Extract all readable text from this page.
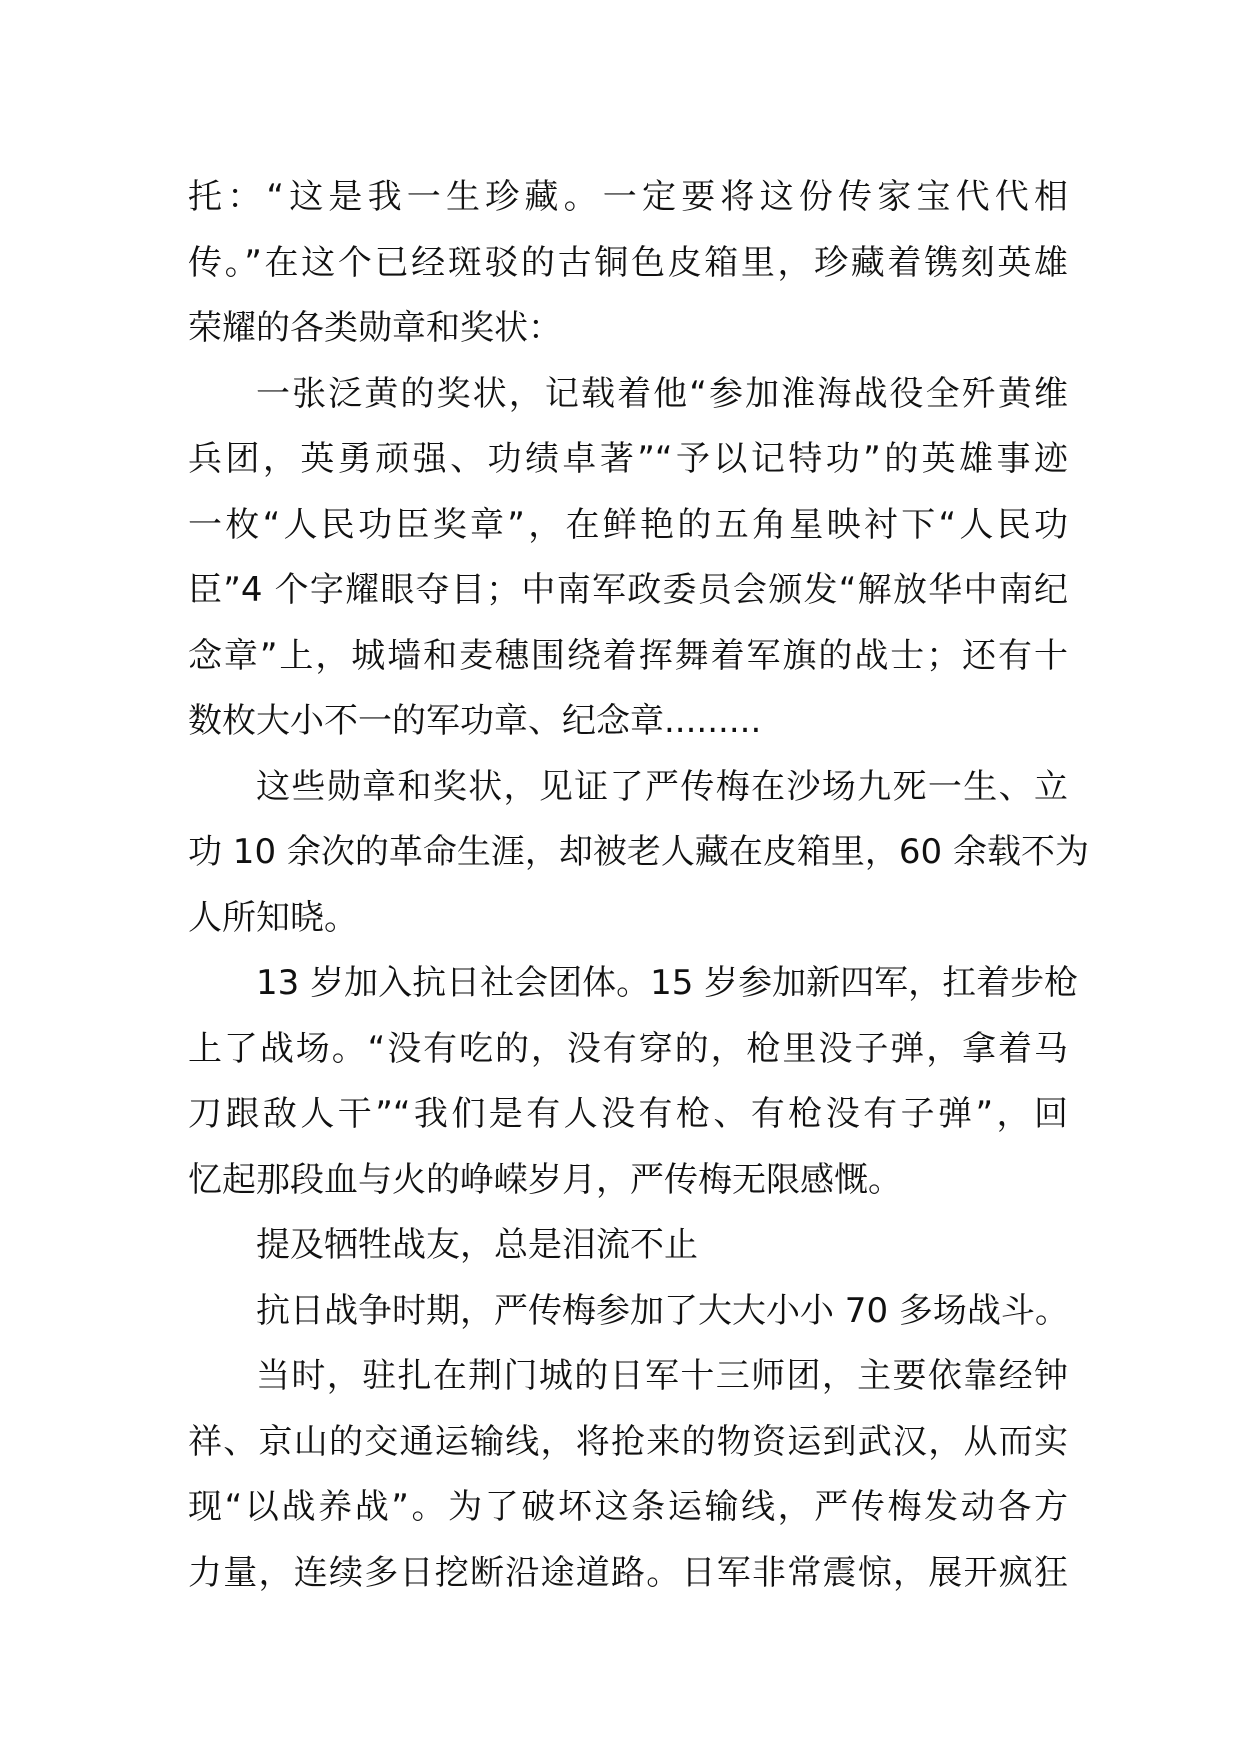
托：“这是我一生珍藏。一定要将这份传家宝代代相
传。”在这个已经斑驳的古铜色皮箱里，珍藏着镌刻英雄
荣耀的各类勋章和奖状：
一张泛黄的奖状，记载着他“参加淮海战役全歼黄维
兵团，英勇顽强、功绩卓著”“予以记特功”的英雄事迹
一枚“人民功臣奖章”，在鲜艳的五角星映衬下“人民功
臣”4 个字耀眼夺目；中南军政委员会颁发“解放华中南纪
念章”上，城墙和麦穗围绕着挥舞着军旗的战士；还有十
数枚大小不一的军功章、纪念章.........
这些勋章和奖状，见证了严传梅在沙场九死一生、立
功 10 余次的革命生涯，却被老人藏在皮箱里，60 余载不为
人所知晓。
13 岁加入抗日社会团体。15 岁参加新四军，扛着步枪
上了战场。“没有吃的，没有穿的，枪里没子弹，拿着马
刀跟敌人干”“我们是有人没有枪、有枪没有子弹”，回
忆起那段血与火的峥嵘岁月，严传梅无限感慨。
提及牺牲战友，总是泪流不止
抗日战争时期，严传梅参加了大大小小 70 多场战斗。
当时，驻扎在荆门城的日军十三师团，主要依靠经钟
祥、京山的交通运输线，将抢来的物资运到武汉，从而实
现“以战养战”。为了破坏这条运输线，严传梅发动各方
力量，连续多日挖断沿途道路。日军非常震惊，展开疯狂
